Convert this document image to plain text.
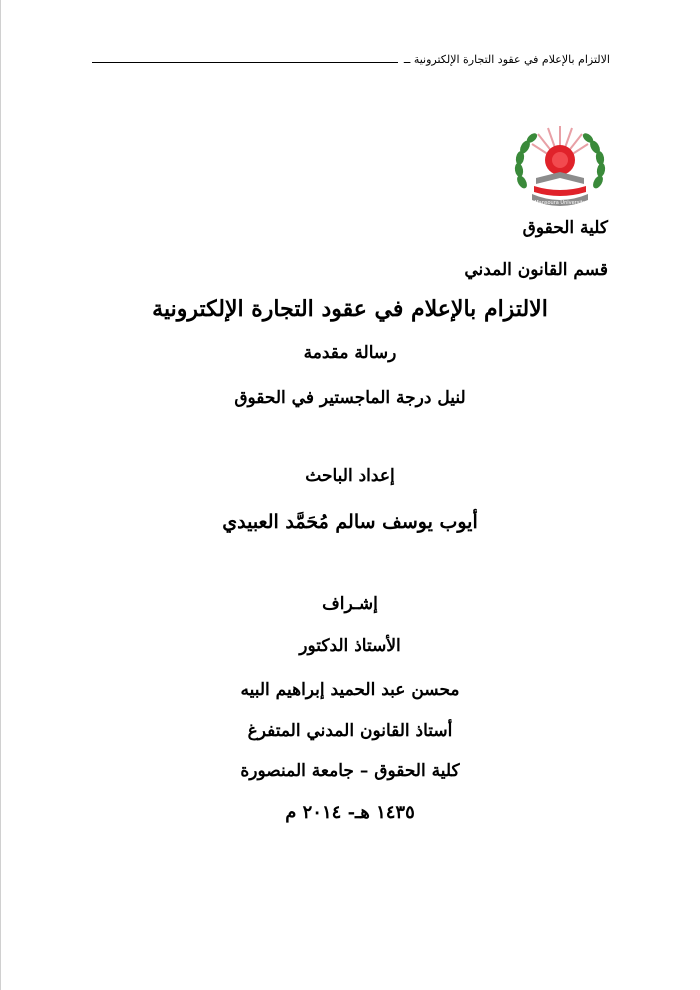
الالتزام بالإعلام في عقود التجارة الإلكترونية ــ
Mansoura University
كلية الحقوق
قسم القانون المدني
الالتزام بالإعلام في عقود التجارة الإلكترونية
رسالة مقدمة
لنيل درجة الماجستير في الحقوق
إعداد الباحث
أيوب يوسف سالم مُحَمَّد العبيدي
إشـراف
الأستاذ الدكتور
محسن عبد الحميد إبراهيم البيه
أستاذ القانون المدني المتفرغ
كلية الحقوق – جامعة المنصورة
١٤٣٥ هـ- ٢٠١٤ م
